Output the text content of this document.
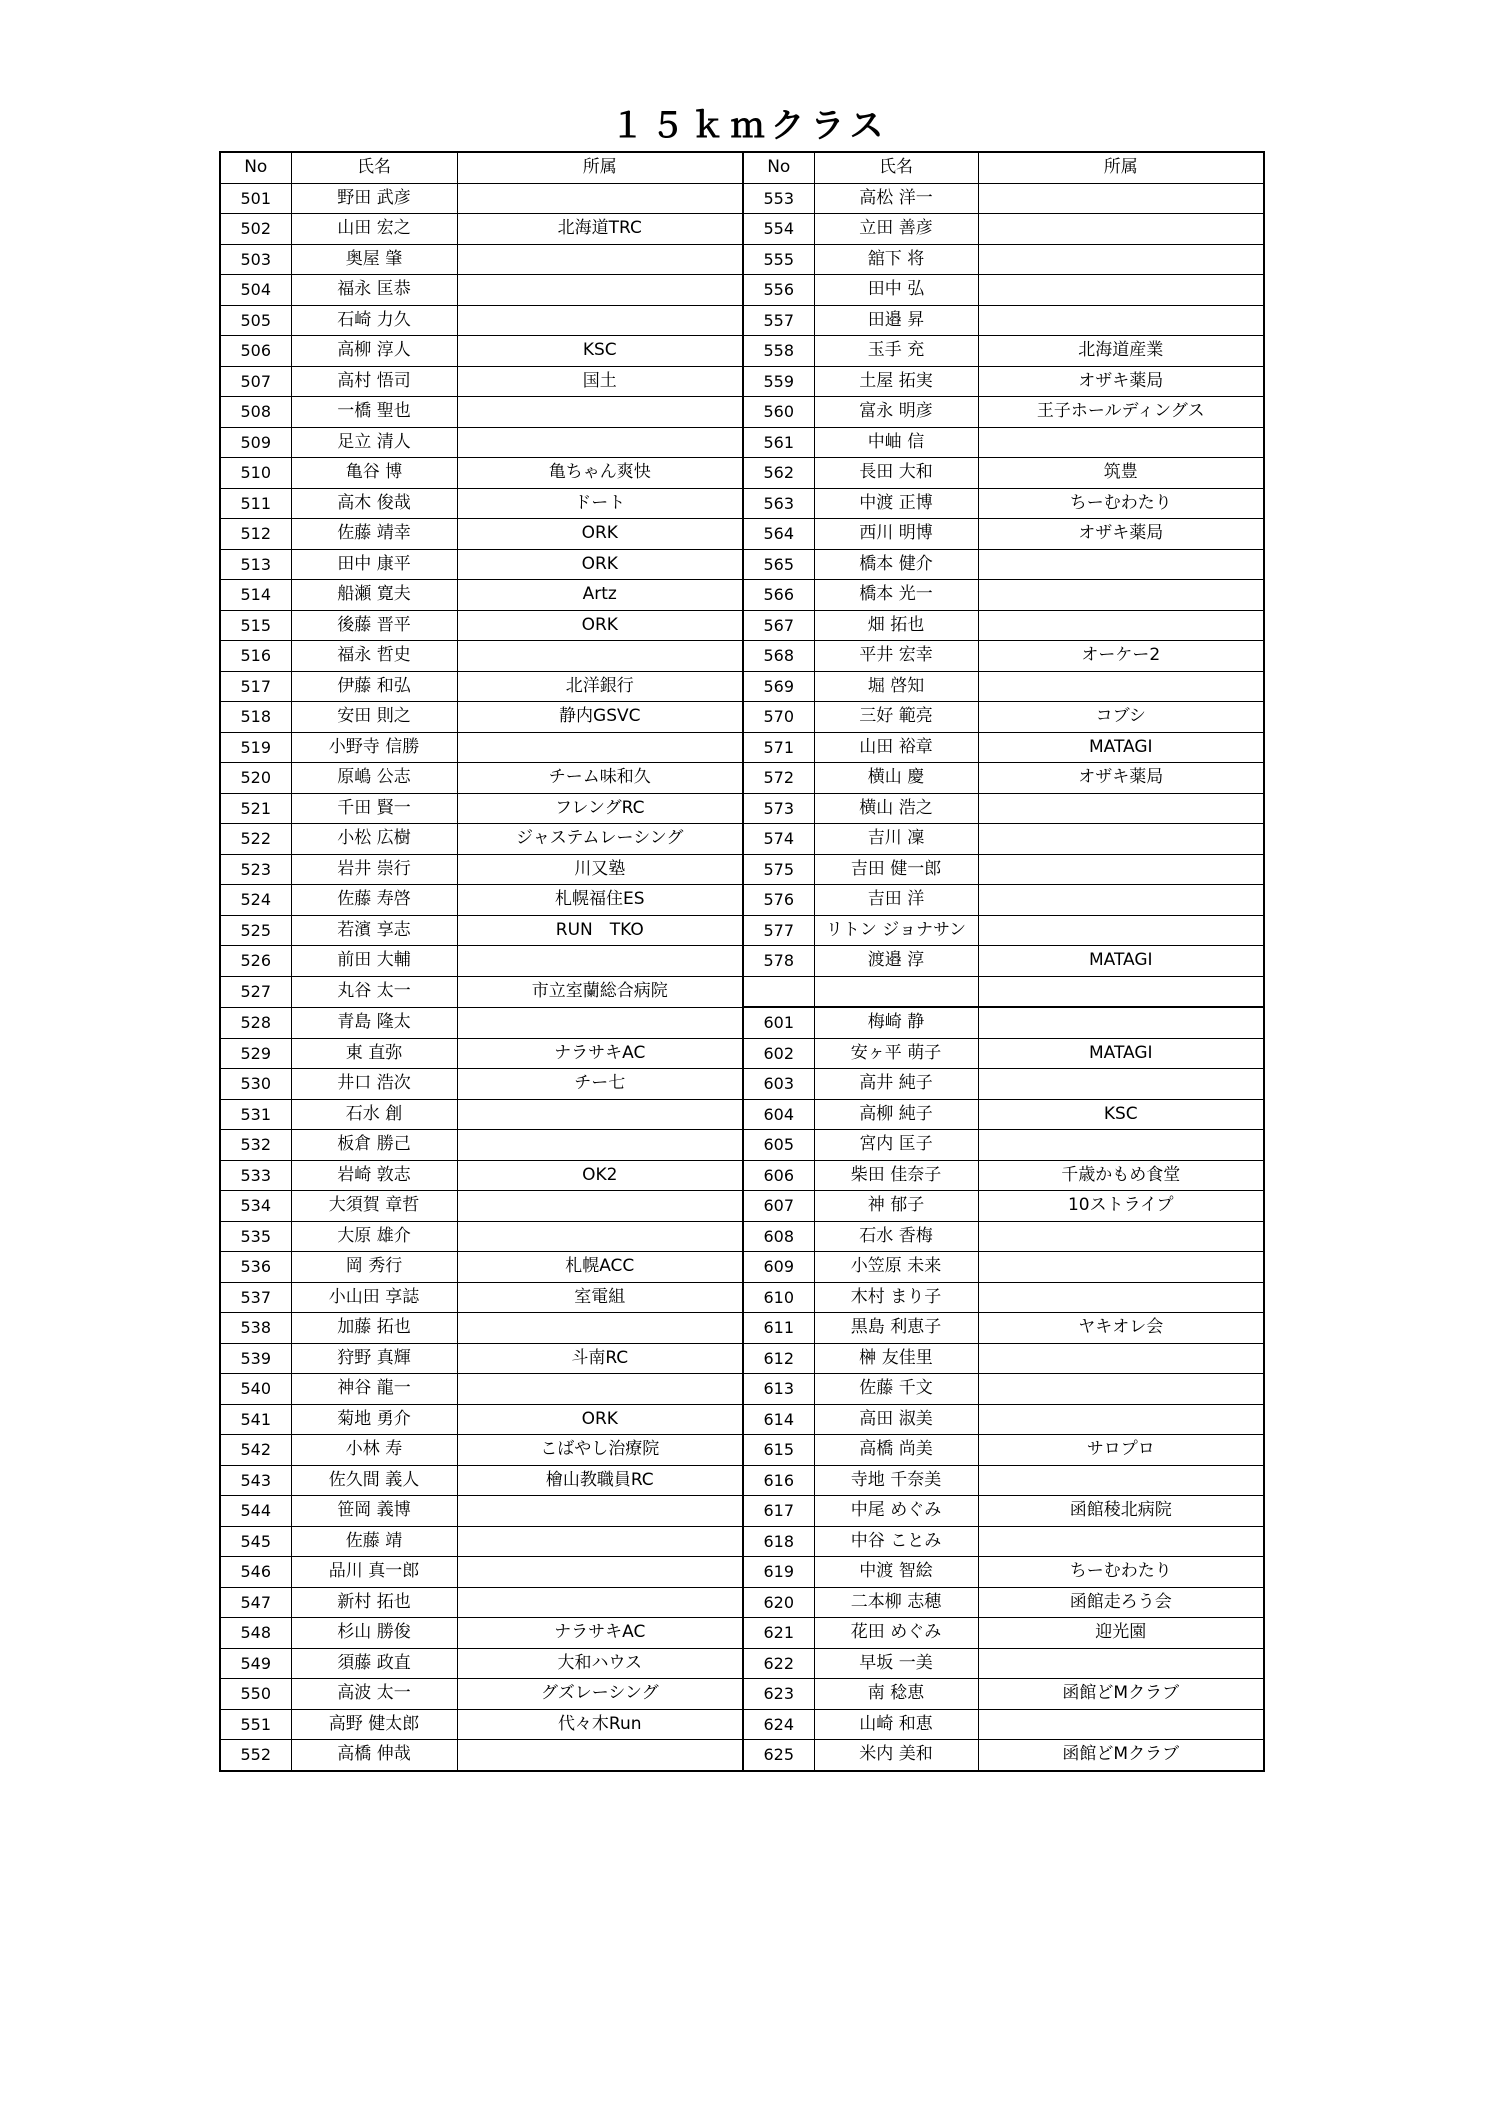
１５ｋｍクラス
No	氏名	所属	No	氏名	所属
501	野田 武彦		553	高松 洋一	
502	山田 宏之	北海道TRC	554	立田 善彦	
503	奥屋 肇		555	舘下 将	
504	福永 匡恭		556	田中 弘	
505	石崎 力久		557	田邉 昇	
506	高柳 淳人	KSC	558	玉手 充	北海道産業
507	高村 悟司	国土	559	土屋 拓実	オザキ薬局
508	一橋 聖也		560	富永 明彦	王子ホールディングス
509	足立 清人		561	中岫 信	
510	亀谷 博	亀ちゃん爽快	562	長田 大和	筑豊
511	高木 俊哉	ドート	563	中渡 正博	ちーむわたり
512	佐藤 靖幸	ORK	564	西川 明博	オザキ薬局
513	田中 康平	ORK	565	橋本 健介	
514	船瀬 寛夫	Artz	566	橋本 光一	
515	後藤 晋平	ORK	567	畑 拓也	
516	福永 哲史		568	平井 宏幸	オーケー2
517	伊藤 和弘	北洋銀行	569	堀 啓知	
518	安田 則之	静内GSVC	570	三好 範亮	コブシ
519	小野寺 信勝		571	山田 裕章	MATAGI
520	原嶋 公志	チーム味和久	572	横山 慶	オザキ薬局
521	千田 賢一	フレングRC	573	横山 浩之	
522	小松 広樹	ジャステムレーシング	574	吉川 凜	
523	岩井 崇行	川又塾	575	吉田 健一郎	
524	佐藤 寿啓	札幌福住ES	576	吉田 洋	
525	若濱 享志	RUN　TKO	577	リトン ジョナサン	
526	前田 大輔		578	渡邉 淳	MATAGI
527	丸谷 太一	市立室蘭総合病院			
528	青島 隆太		601	梅崎 静	
529	東 直弥	ナラサキAC	602	安ヶ平 萌子	MATAGI
530	井口 浩次	チー七	603	高井 純子	
531	石水 創		604	高柳 純子	KSC
532	板倉 勝己		605	宮内 匡子	
533	岩崎 敦志	OK2	606	柴田 佳奈子	千歳かもめ食堂
534	大須賀 章哲		607	神 郁子	10ストライプ
535	大原 雄介		608	石水 香梅	
536	岡 秀行	札幌ACC	609	小笠原 未来	
537	小山田 享誌	室電組	610	木村 まり子	
538	加藤 拓也		611	黒島 利恵子	ヤキオレ会
539	狩野 真輝	斗南RC	612	榊 友佳里	
540	神谷 龍一		613	佐藤 千文	
541	菊地 勇介	ORK	614	高田 淑美	
542	小林 寿	こばやし治療院	615	高橋 尚美	サロプロ
543	佐久間 義人	檜山教職員RC	616	寺地 千奈美	
544	笹岡 義博		617	中尾 めぐみ	函館稜北病院
545	佐藤 靖		618	中谷 ことみ	
546	品川 真一郎		619	中渡 智絵	ちーむわたり
547	新村 拓也		620	二本柳 志穂	函館走ろう会
548	杉山 勝俊	ナラサキAC	621	花田 めぐみ	迎光園
549	須藤 政直	大和ハウス	622	早坂 一美	
550	高波 太一	グズレーシング	623	南 稔恵	函館どMクラブ
551	高野 健太郎	代々木Run	624	山崎 和恵	
552	高橋 伸哉		625	米内 美和	函館どMクラブ
